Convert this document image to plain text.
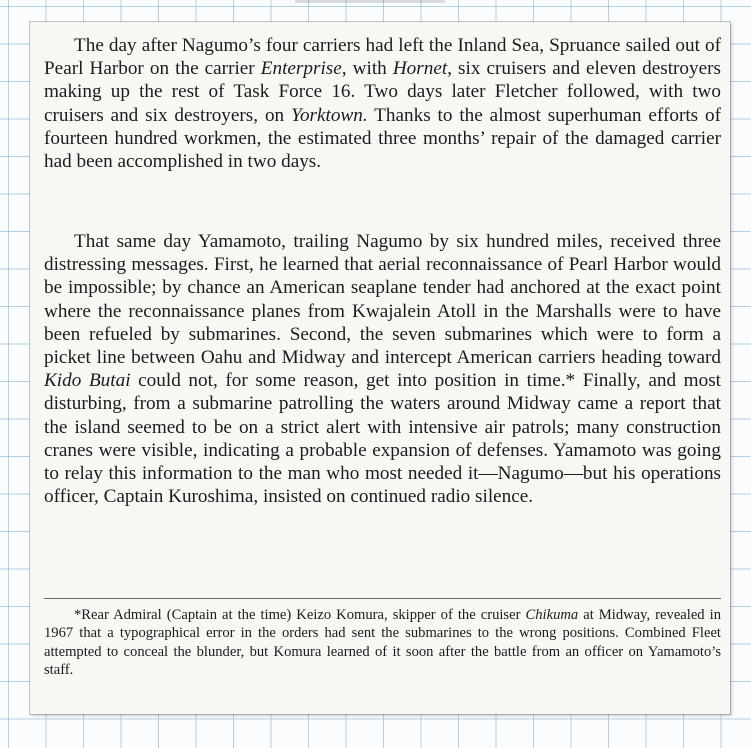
The day after Nagumo’s four carriers had left the Inland Sea, Spruance sailed out of Pearl Harbor on the carrier Enterprise, with Hornet, six cruisers and eleven destroyers making up the rest of Task Force 16. Two days later Fletcher followed, with two cruisers and six destroyers, on Yorktown. Thanks to the almost superhuman efforts of fourteen hundred workmen, the estimated three months’ repair of the damaged carrier had been accomplished in two days.

That same day Yamamoto, trailing Nagumo by six hundred miles, received three distressing messages. First, he learned that aerial reconnaissance of Pearl Harbor would be impossible; by chance an American seaplane tender had anchored at the exact point where the reconnaissance planes from Kwajalein Atoll in the Marshalls were to have been refueled by submarines. Second, the seven submarines which were to form a picket line between Oahu and Midway and intercept American carriers heading toward Kido Butai could not, for some reason, get into position in time.* Finally, and most disturbing, from a submarine patrolling the waters around Midway came a report that the island seemed to be on a strict alert with intensive air patrols; many construction cranes were visible, indicating a probable expansion of defenses. Yamamoto was going to relay this information to the man who most needed it—Nagumo—but his operations officer, Captain Kuroshima, insisted on continued radio silence.

*Rear Admiral (Captain at the time) Keizo Komura, skipper of the cruiser Chikuma at Midway, revealed in 1967 that a typographical error in the orders had sent the submarines to the wrong positions. Combined Fleet attempted to conceal the blunder, but Komura learned of it soon after the battle from an officer on Yamamoto’s staff.
